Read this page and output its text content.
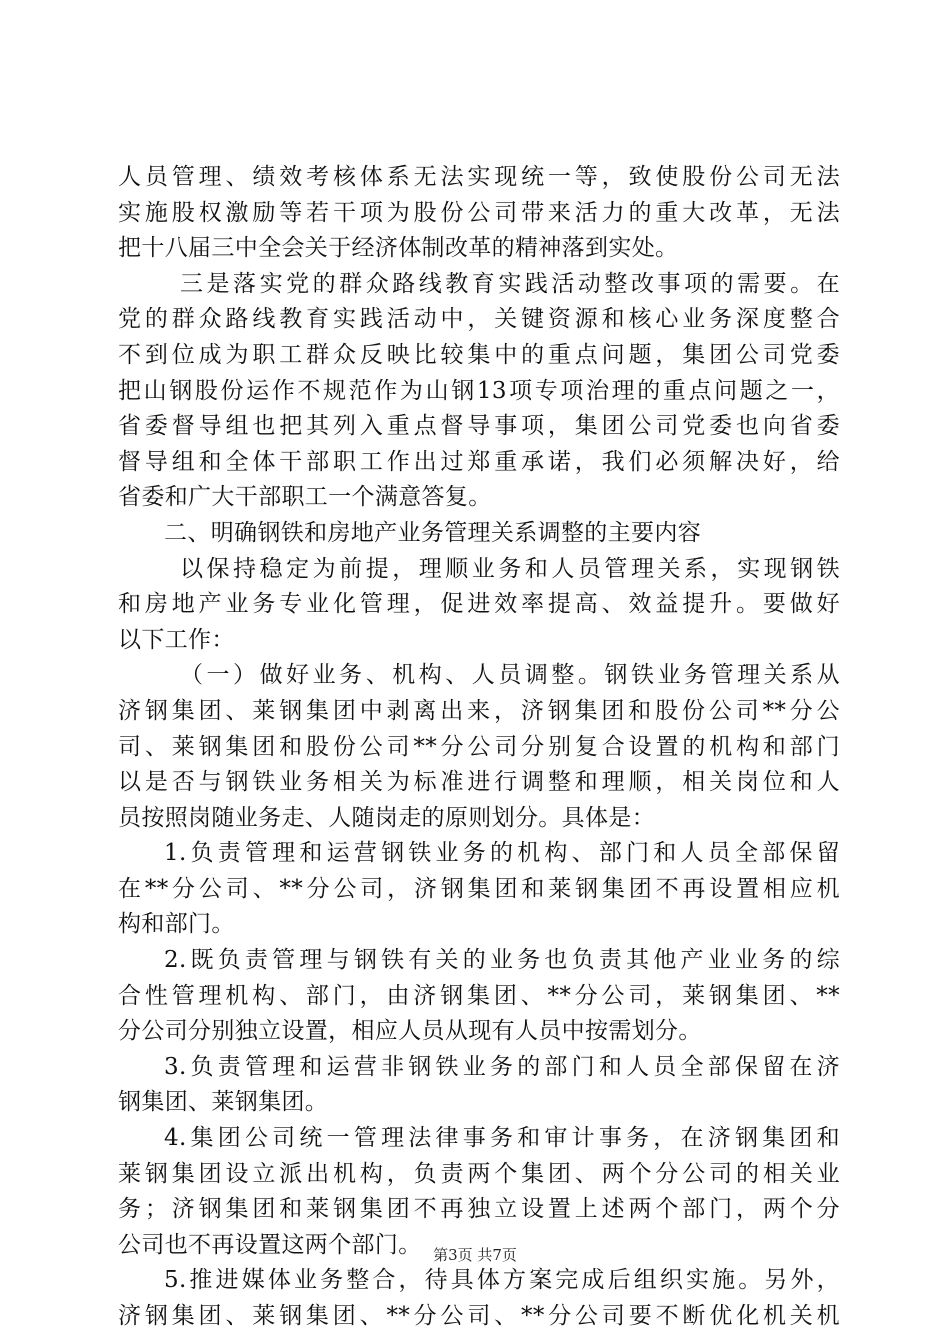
人员管理、绩效考核体系无法实现统一等，致使股份公司无法
实施股权激励等若干项为股份公司带来活力的重大改革，无法
把十八届三中全会关于经济体制改革的精神落到实处。
三是落实党的群众路线教育实践活动整改事项的需要。在
党的群众路线教育实践活动中，关键资源和核心业务深度整合
不到位成为职工群众反映比较集中的重点问题，集团公司党委
把山钢股份运作不规范作为山钢13项专项治理的重点问题之一，
省委督导组也把其列入重点督导事项，集团公司党委也向省委
督导组和全体干部职工作出过郑重承诺，我们必须解决好，给
省委和广大干部职工一个满意答复。
二、明确钢铁和房地产业务管理关系调整的主要内容
以保持稳定为前提，理顺业务和人员管理关系，实现钢铁
和房地产业务专业化管理，促进效率提高、效益提升。要做好
以下工作：
（一）做好业务、机构、人员调整。钢铁业务管理关系从
济钢集团、莱钢集团中剥离出来，济钢集团和股份公司**分公
司、莱钢集团和股份公司**分公司分别复合设置的机构和部门
以是否与钢铁业务相关为标准进行调整和理顺，相关岗位和人
员按照岗随业务走、人随岗走的原则划分。具体是：
1.负责管理和运营钢铁业务的机构、部门和人员全部保留
在**分公司、**分公司，济钢集团和莱钢集团不再设置相应机
构和部门。
2.既负责管理与钢铁有关的业务也负责其他产业业务的综
合性管理机构、部门，由济钢集团、**分公司，莱钢集团、**
分公司分别独立设置，相应人员从现有人员中按需划分。
3.负责管理和运营非钢铁业务的部门和人员全部保留在济
钢集团、莱钢集团。
4.集团公司统一管理法律事务和审计事务，在济钢集团和
莱钢集团设立派出机构，负责两个集团、两个分公司的相关业
务；济钢集团和莱钢集团不再独立设置上述两个部门，两个分
公司也不再设置这两个部门。
5.推进媒体业务整合，待具体方案完成后组织实施。另外，
济钢集团、莱钢集团、**分公司、**分公司要不断优化机关机
第3页 共7页
